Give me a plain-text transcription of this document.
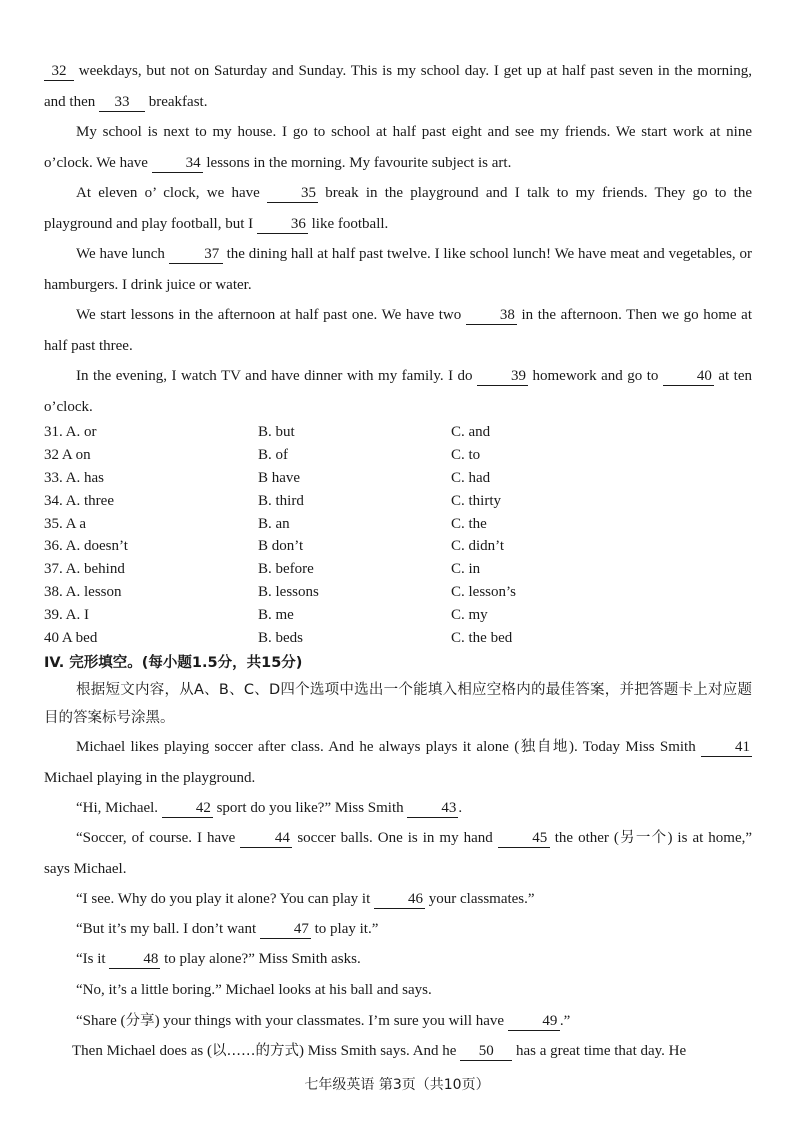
32 weekdays, but not on Saturday and Sunday. This is my school day. I get up at half past seven in the morning, and then 33 breakfast.

My school is next to my house. I go to school at half past eight and see my friends. We start work at nine o’clock. We have 34 lessons in the morning. My favourite subject is art.

At eleven o’ clock, we have 35 break in the playground and I talk to my friends. They go to the playground and play football, but I 36 like football.

We have lunch 37 the dining hall at half past twelve. I like school lunch! We have meat and vegetables, or hamburgers. I drink juice or water.

We start lessons in the afternoon at half past one. We have two 38 in the afternoon. Then we go home at half past three.

In the evening, I watch TV and have dinner with my family. I do 39 homework and go to 40 at ten o’clock.

31. A. or	B. but	C. and
32 A on	B. of	C. to
33. A. has	B have	C. had
34. A. three	B. third	C. thirty
35. A a	B. an	C. the
36. A. doesn’t	B don’t	C. didn’t
37. A. behind	B. before	C. in
38. A. lesson	B. lessons	C. lesson’s
39. A. I	B. me	C. my
40 A bed	B. beds	C. the bed
IV. 完形填空。(每小题1.5分，共15分)

根据短文内容，从A、B、C、D四个选项中选出一个能填入相应空格内的最佳答案，并把答题卡上对应题目的答案标号涂黑。

Michael likes playing soccer after class. And he always plays it alone (独自地). Today Miss Smith 41 Michael playing in the playground.

“Hi, Michael. 42 sport do you like?” Miss Smith 43 .

“Soccer, of course. I have 44 soccer balls. One is in my hand 45 the other (另一个) is at home,” says Michael.

“I see. Why do you play it alone? You can play it 46 your classmates.”

“But it’s my ball. I don’t want 47 to play it.”

“Is it 48 to play alone?” Miss Smith asks.

“No, it’s a little boring.” Michael looks at his ball and says.

“Share (分享) your things with your classmates. I’m sure you will have 49 .”

Then Michael does as (以……的方式) Miss Smith says. And he 50 has a great time that day. He

七年级英语 第3页（共10页）
